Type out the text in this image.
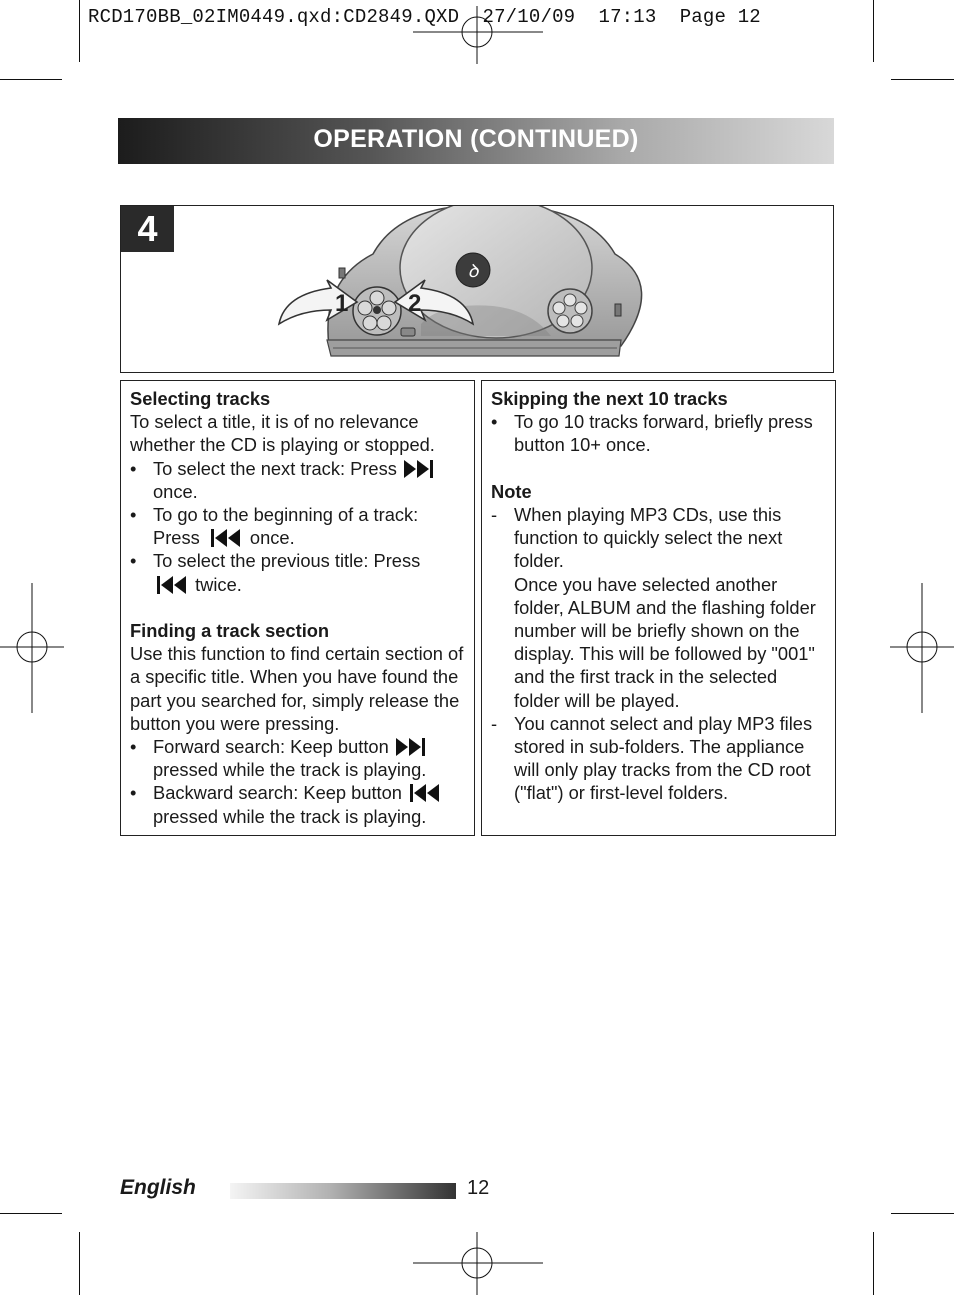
RCD170BB_02IM0449.qxd:CD2849.QXD  27/10/09  17:13  Page 12
OPERATION (CONTINUED)
4
ꝺ
1 2
Selecting tracks
To select a title, it is of no relevance whether the CD is playing or stopped.
• To select the next track: Press
once.
• To go to the beginning of a track: Press	once.
• To select the previous title: Press
twice.
Finding a track section
Use this function to find certain section of a specific title. When you have found the part you searched for, simply release the button you were pressing.
• Forward search: Keep button
pressed while the track is playing.
• Backward search: Keep button
pressed while the track is playing.
Skipping the next 10 tracks
• To go 10 tracks forward, briefly press button 10+ once.
Note
- When playing MP3 CDs, use this function to quickly select the next folder.
Once you have selected another folder, ALBUM and the flashing folder number will be briefly shown on the display. This will be followed by "001" and the first track in the selected folder will be played.
- You cannot select and play MP3 files stored in sub-folders. The appliance will only play tracks from the CD root ("flat") or first-level folders.
English	12
